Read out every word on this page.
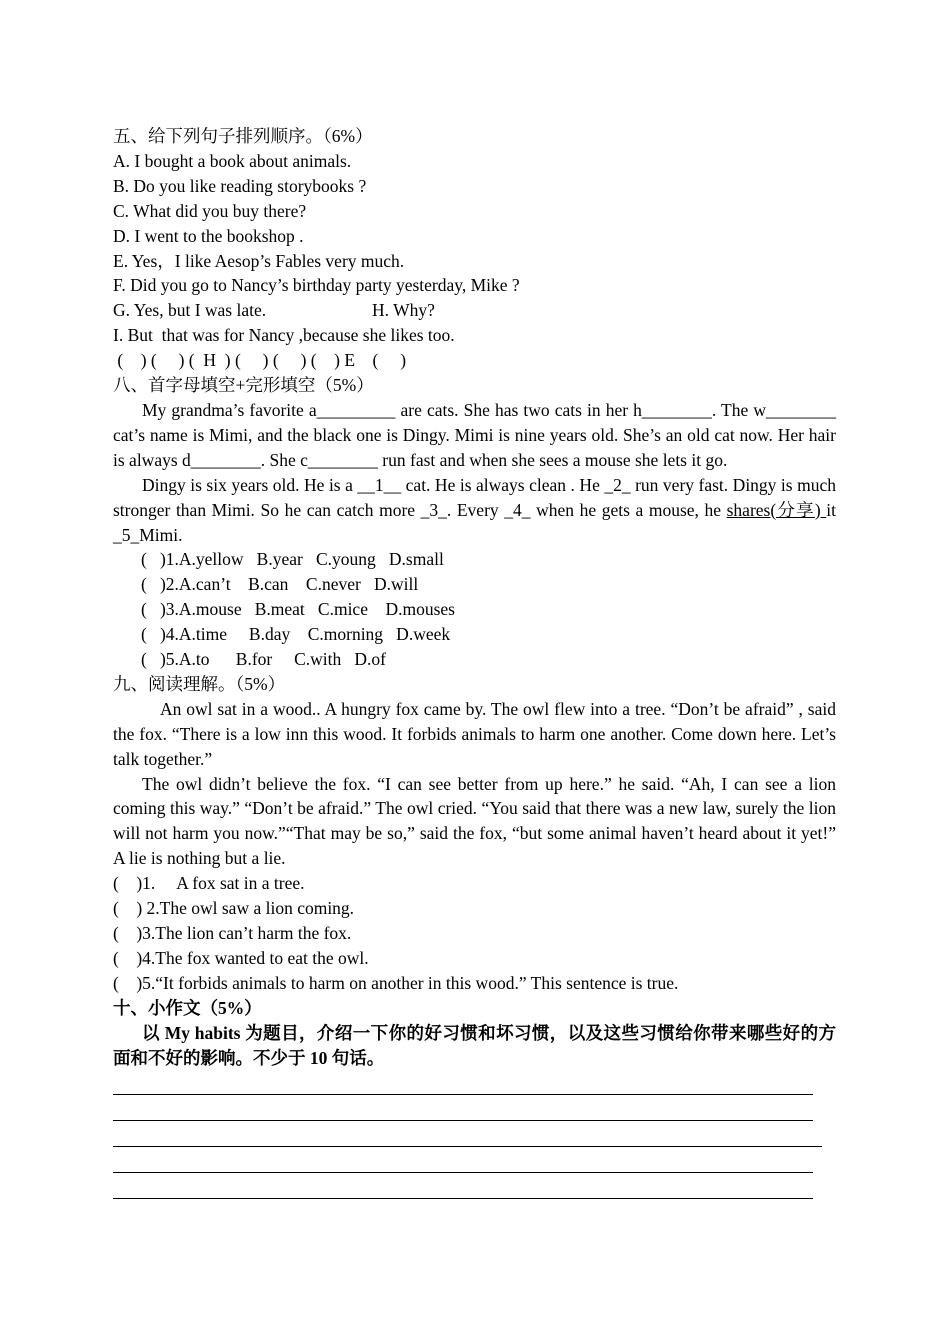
五、给下列句子排列顺序。（6%）
A. I bought a book about animals.
B. Do you like reading storybooks ?
C. What did you buy there?
D. I went to the bookshop .
E. Yes，I like Aesop’s Fables very much.
F. Did you go to Nancy’s birthday party yesterday, Mike ?
G. Yes, but I was late.	H. Why?
I. But  that was for Nancy ,because she likes too.
(    ) (     ) (  H  ) (     ) (     ) (    ) E    (     )
八、首字母填空+完形填空（5%）
My grandma’s favorite a_________ are cats. She has two cats in her h________. The w________ cat’s name is Mimi, and the black one is Dingy. Mimi is nine years old. She’s an old cat now. Her hair is always d________. She c________ run fast and when she sees a mouse she lets it go.
Dingy is six years old. He is a __1__ cat. He is always clean . He _2_ run very fast. Dingy is much stronger than Mimi. So he can catch more _3_. Every _4_ when he gets a mouse, he shares(分享) it _5_Mimi.
(   )1.A.yellow   B.year   C.young   D.small
(   )2.A.can’t    B.can    C.never   D.will
(   )3.A.mouse   B.meat   C.mice    D.mouses
(   )4.A.time     B.day    C.morning   D.week
(   )5.A.to      B.for     C.with   D.of
九、阅读理解。（5%）
An owl sat in a wood.. A hungry fox came by. The owl flew into a tree. “Don’t be afraid” , said the fox. “There is a low inn this wood. It forbids animals to harm one another. Come down here. Let’s talk together.”
The owl didn’t believe the fox. “I can see better from up here.” he said. “Ah, I can see a lion coming this way.” “Don’t be afraid.” The owl cried. “You said that there was a new law, surely the lion will not harm you now.”“That may be so,” said the fox, “but some animal haven’t heard about it yet!” A lie is nothing but a lie.
(    )1.     A fox sat in a tree.
(    ) 2.The owl saw a lion coming.
(    )3.The lion can’t harm the fox.
(    )4.The fox wanted to eat the owl.
(    )5.“It forbids animals to harm on another in this wood.” This sentence is true.
十、小作文（5%）
以 My habits 为题目，介绍一下你的好习惯和坏习惯，以及这些习惯给你带来哪些好的方面和不好的影响。不少于 10 句话。
